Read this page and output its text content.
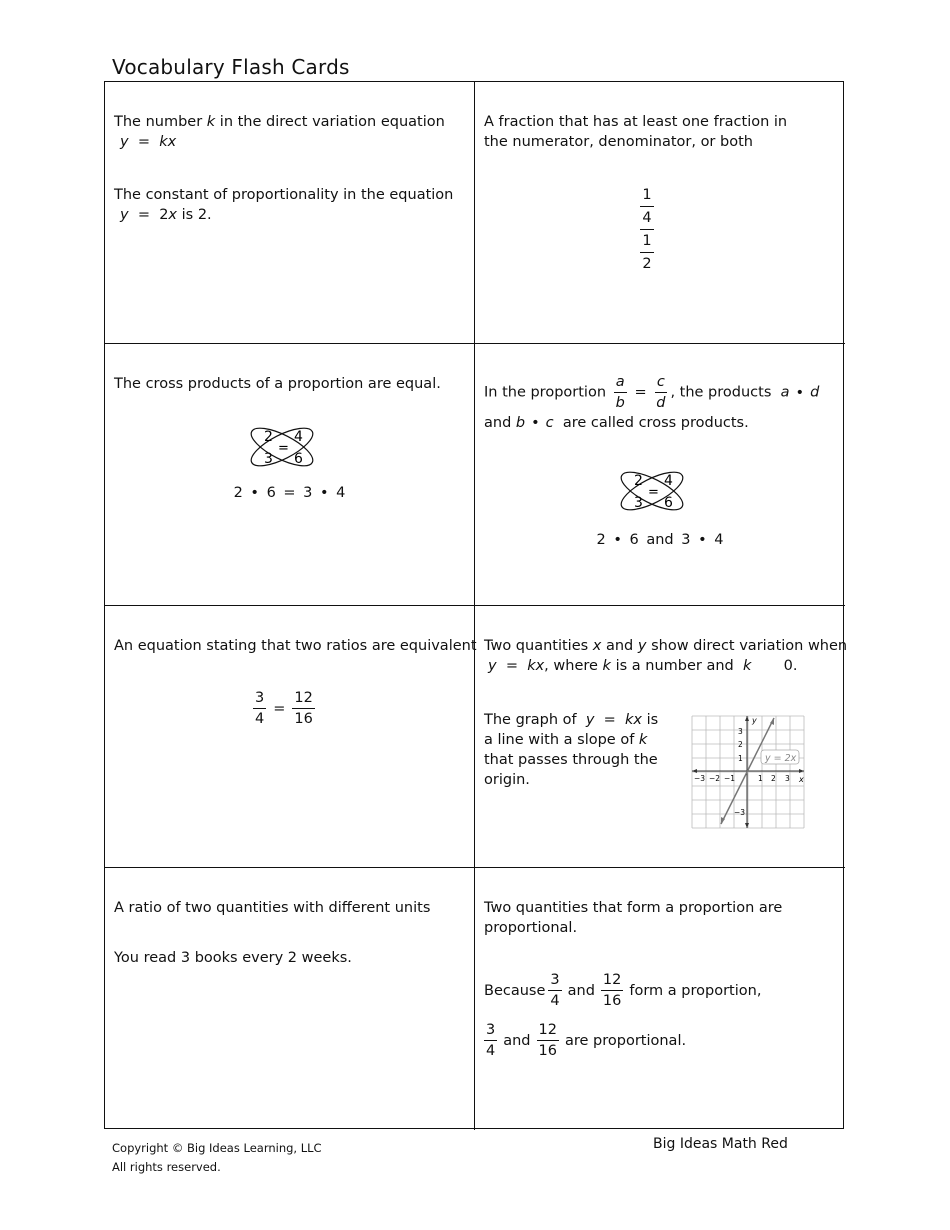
Vocabulary Flash Cards
The number k in the direct variation equation
y = kx
The constant of proportionality in the equation
y = 2x is 2.
A fraction that has at least one fraction in the numerator, denominator, or both
1
4
1
2
The cross products of a proportion are equal.
2 4
3 6
=
2 • 6 = 3 • 4
In the proportion $\frac{a}{b} = \frac{c}{d}$ , the products a • d
and b • c are called cross products.
2 4
3 6
=
2 • 6 and 3 • 4
An equation stating that two ratios are equivalent
$\frac{3}{4} = \frac{12}{16}$
Two quantities x and y show direct variation when
y = kx, where k is a number and k 0.
The graph of y = kx is
a line with a slope of k
that passes through the
origin.
y = 2x
y
x
−3 −2 −1	1 2 3
3
2
1
−3
A ratio of two quantities with different units
You read 3 books every 2 weeks.
Two quantities that form a proportion are proportional.
Because $\frac{3}{4}$ and $\frac{12}{16}$ form a proportion,
$\frac{3}{4}$ and $\frac{12}{16}$ are proportional.
Copyright © Big Ideas Learning, LLC
All rights reserved.
Big Ideas Math Red
